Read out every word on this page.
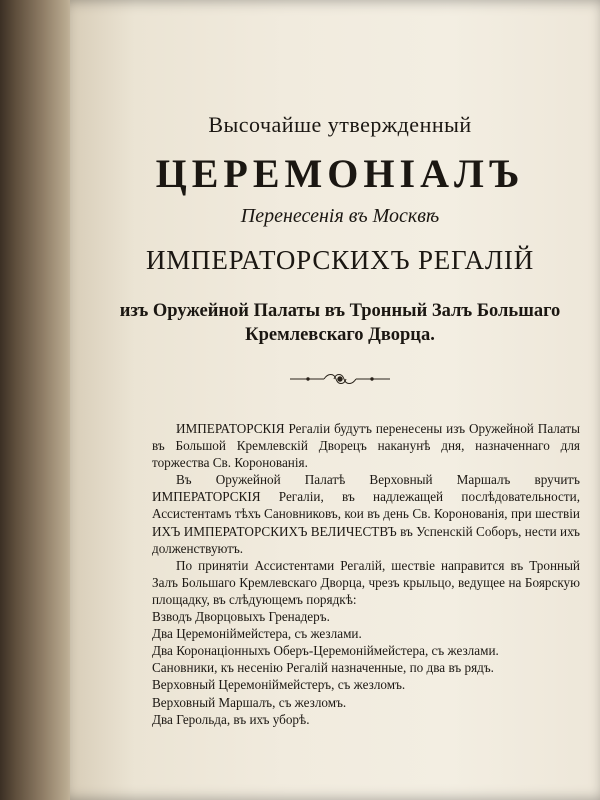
Высочайше утвержденный
ЦЕРЕМОНІАЛЪ
Перенесенія въ Москвѣ
ИМПЕРАТОРСКИХЪ РЕГАЛІЙ
изъ Оружейной Палаты въ Тронный Залъ Большаго
Кремлевскаго Дворца.

ИМПЕРАТОРСКІЯ Регаліи будутъ перенесены изъ Оружейной Палаты въ Большой Кремлевскій Дворецъ наканунѣ дня, назначеннаго для торжества Св. Коронованія.

Въ Оружейной Палатѣ Верховный Маршалъ вручитъ ИМПЕРАТОРСКІЯ Регаліи, въ надлежащей послѣдовательности, Ассистентамъ тѣхъ Сановниковъ, кои въ день Св. Коронованія, при шествіи ИХЪ ИМПЕРАТОРСКИХЪ ВЕЛИЧЕСТВЪ въ Успенскій Соборъ, нести ихъ долженствуютъ.

По принятіи Ассистентами Регалій, шествіе направится въ Тронный Залъ Большаго Кремлевскаго Дворца, чрезъ крыльцо, ведущее на Боярскую площадку, въ слѣдующемъ порядкѣ:

Взводъ Дворцовыхъ Гренадеръ.

Два Церемоніймейстера, съ жезлами.

Два Коронаціонныхъ Оберъ-Церемоніймейстера, съ жезлами.

Сановники, къ несенію Регалій назначенные, по два въ рядъ.

Верховный Церемоніймейстеръ, съ жезломъ.

Верховный Маршалъ, съ жезломъ.

Два Герольда, въ ихъ уборѣ.
